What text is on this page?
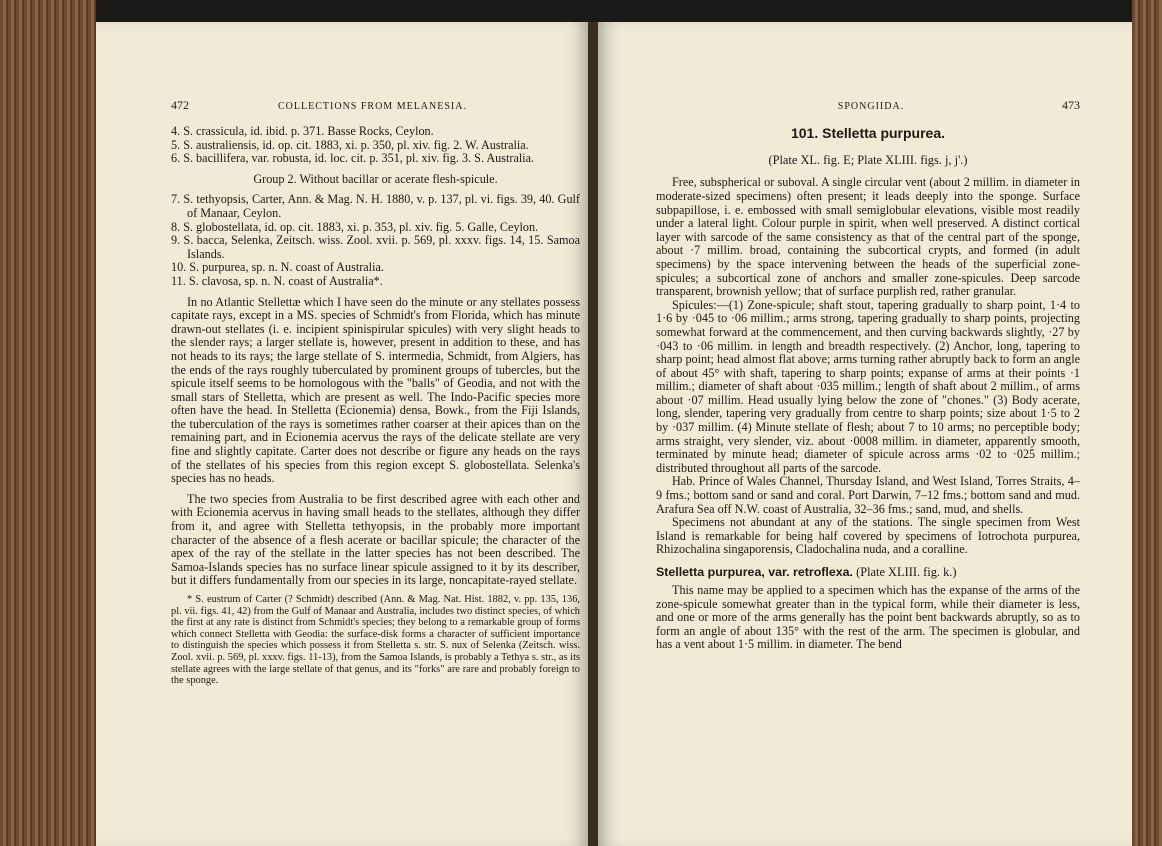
472	COLLECTIONS FROM MELANESIA.

4. S. crassicula, id. ibid. p. 371. Basse Rocks, Ceylon.

5. S. australiensis, id. op. cit. 1883, xi. p. 350, pl. xiv. fig. 2. W. Australia.

6. S. bacillifera, var. robusta, id. loc. cit. p. 351, pl. xiv. fig. 3. S. Australia.

Group 2. Without bacillar or acerate flesh-spicule.

7. S. tethyopsis, Carter, Ann. & Mag. N. H. 1880, v. p. 137, pl. vi. figs. 39, 40. Gulf of Manaar, Ceylon.

8. S. globostellata, id. op. cit. 1883, xi. p. 353, pl. xiv. fig. 5. Galle, Ceylon.

9. S. bacca, Selenka, Zeitsch. wiss. Zool. xvii. p. 569, pl. xxxv. figs. 14, 15. Samoa Islands.

10. S. purpurea, sp. n. N. coast of Australia.

11. S. clavosa, sp. n. N. coast of Australia*.

In no Atlantic Stellettæ which I have seen do the minute or any stellates possess capitate rays, except in a MS. species of Schmidt's from Florida, which has minute drawn-out stellates (i. e. incipient spinispirular spicules) with very slight heads to the slender rays; a larger stellate is, however, present in addition to these, and has not heads to its rays; the large stellate of S. intermedia, Schmidt, from Algiers, has the ends of the rays roughly tuberculated by prominent groups of tubercles, but the spicule itself seems to be homologous with the "balls" of Geodia, and not with the small stars of Stelletta, which are present as well. The Indo-Pacific species more often have the head. In Stelletta (Ecionemia) densa, Bowk., from the Fiji Islands, the tuberculation of the rays is sometimes rather coarser at their apices than on the remaining part, and in Ecionemia acervus the rays of the delicate stellate are very fine and slightly capitate. Carter does not describe or figure any heads on the rays of the stellates of his species from this region except S. globostellata. Selenka's species has no heads.

The two species from Australia to be first described agree with each other and with Ecionemia acervus in having small heads to the stellates, although they differ from it, and agree with Stelletta tethyopsis, in the probably more important character of the absence of a flesh acerate or bacillar spicule; the character of the apex of the ray of the stellate in the latter species has not been described. The Samoa-Islands species has no surface linear spicule assigned to it by its describer, but it differs fundamentally from our species in its large, noncapitate-rayed stellate.

* S. eustrum of Carter (? Schmidt) described (Ann. & Mag. Nat. Hist. 1882, v. pp. 135, 136, pl. vii. figs. 41, 42) from the Gulf of Manaar and Australia, includes two distinct species, of which the first at any rate is distinct from Schmidt's species; they belong to a remarkable group of forms which connect Stelletta with Geodia: the surface-disk forms a character of sufficient importance to distinguish the species which possess it from Stelletta s. str. S. nux of Selenka (Zeitsch. wiss. Zool. xvii. p. 569, pl. xxxv. figs. 11-13), from the Samoa Islands, is probably a Tethya s. str., as its stellate agrees with the large stellate of that genus, and its "forks" are rare and probably foreign to the sponge.

SPONGIIDA.	473

101. Stelletta purpurea.

(Plate XL. fig. E; Plate XLIII. figs. j, j'.)

Free, subspherical or suboval. A single circular vent (about 2 millim. in diameter in moderate-sized specimens) often present; it leads deeply into the sponge. Surface subpapillose, i. e. embossed with small semiglobular elevations, visible most readily under a lateral light. Colour purple in spirit, when well preserved. A distinct cortical layer with sarcode of the same consistency as that of the central part of the sponge, about ·7 millim. broad, containing the subcortical crypts, and formed (in adult specimens) by the space intervening between the heads of the superficial zone-spicules; a subcortical zone of anchors and smaller zone-spicules. Deep sarcode transparent, brownish yellow; that of surface purplish red, rather granular.

Spicules:—(1) Zone-spicule; shaft stout, tapering gradually to sharp point, 1·4 to 1·6 by ·045 to ·06 millim.; arms strong, tapering gradually to sharp points, projecting somewhat forward at the commencement, and then curving backwards slightly, ·27 by ·043 to ·06 millim. in length and breadth respectively. (2) Anchor, long, tapering to sharp point; head almost flat above; arms turning rather abruptly back to form an angle of about 45° with shaft, tapering to sharp points; expanse of arms at their points ·1 millim.; diameter of shaft about ·035 millim.; length of shaft about 2 millim., of arms about ·07 millim. Head usually lying below the zone of "chones." (3) Body acerate, long, slender, tapering very gradually from centre to sharp points; size about 1·5 to 2 by ·037 millim. (4) Minute stellate of flesh; about 7 to 10 arms; no perceptible body; arms straight, very slender, viz. about ·0008 millim. in diameter, apparently smooth, terminated by minute head; diameter of spicule across arms ·02 to ·025 millim.; distributed throughout all parts of the sarcode.

Hab. Prince of Wales Channel, Thursday Island, and West Island, Torres Straits, 4–9 fms.; bottom sand or sand and coral. Port Darwin, 7–12 fms.; bottom sand and mud. Arafura Sea off N.W. coast of Australia, 32–36 fms.; sand, mud, and shells.

Specimens not abundant at any of the stations. The single specimen from West Island is remarkable for being half covered by specimens of Iotrochota purpurea, Rhizochalina singaporensis, Cladochalina nuda, and a coralline.

Stelletta purpurea, var. retroflexa. (Plate XLIII. fig. k.)

This name may be applied to a specimen which has the expanse of the arms of the zone-spicule somewhat greater than in the typical form, while their diameter is less, and one or more of the arms generally has the point bent backwards abruptly, so as to form an angle of about 135° with the rest of the arm. The specimen is globular, and has a vent about 1·5 millim. in diameter. The bend
